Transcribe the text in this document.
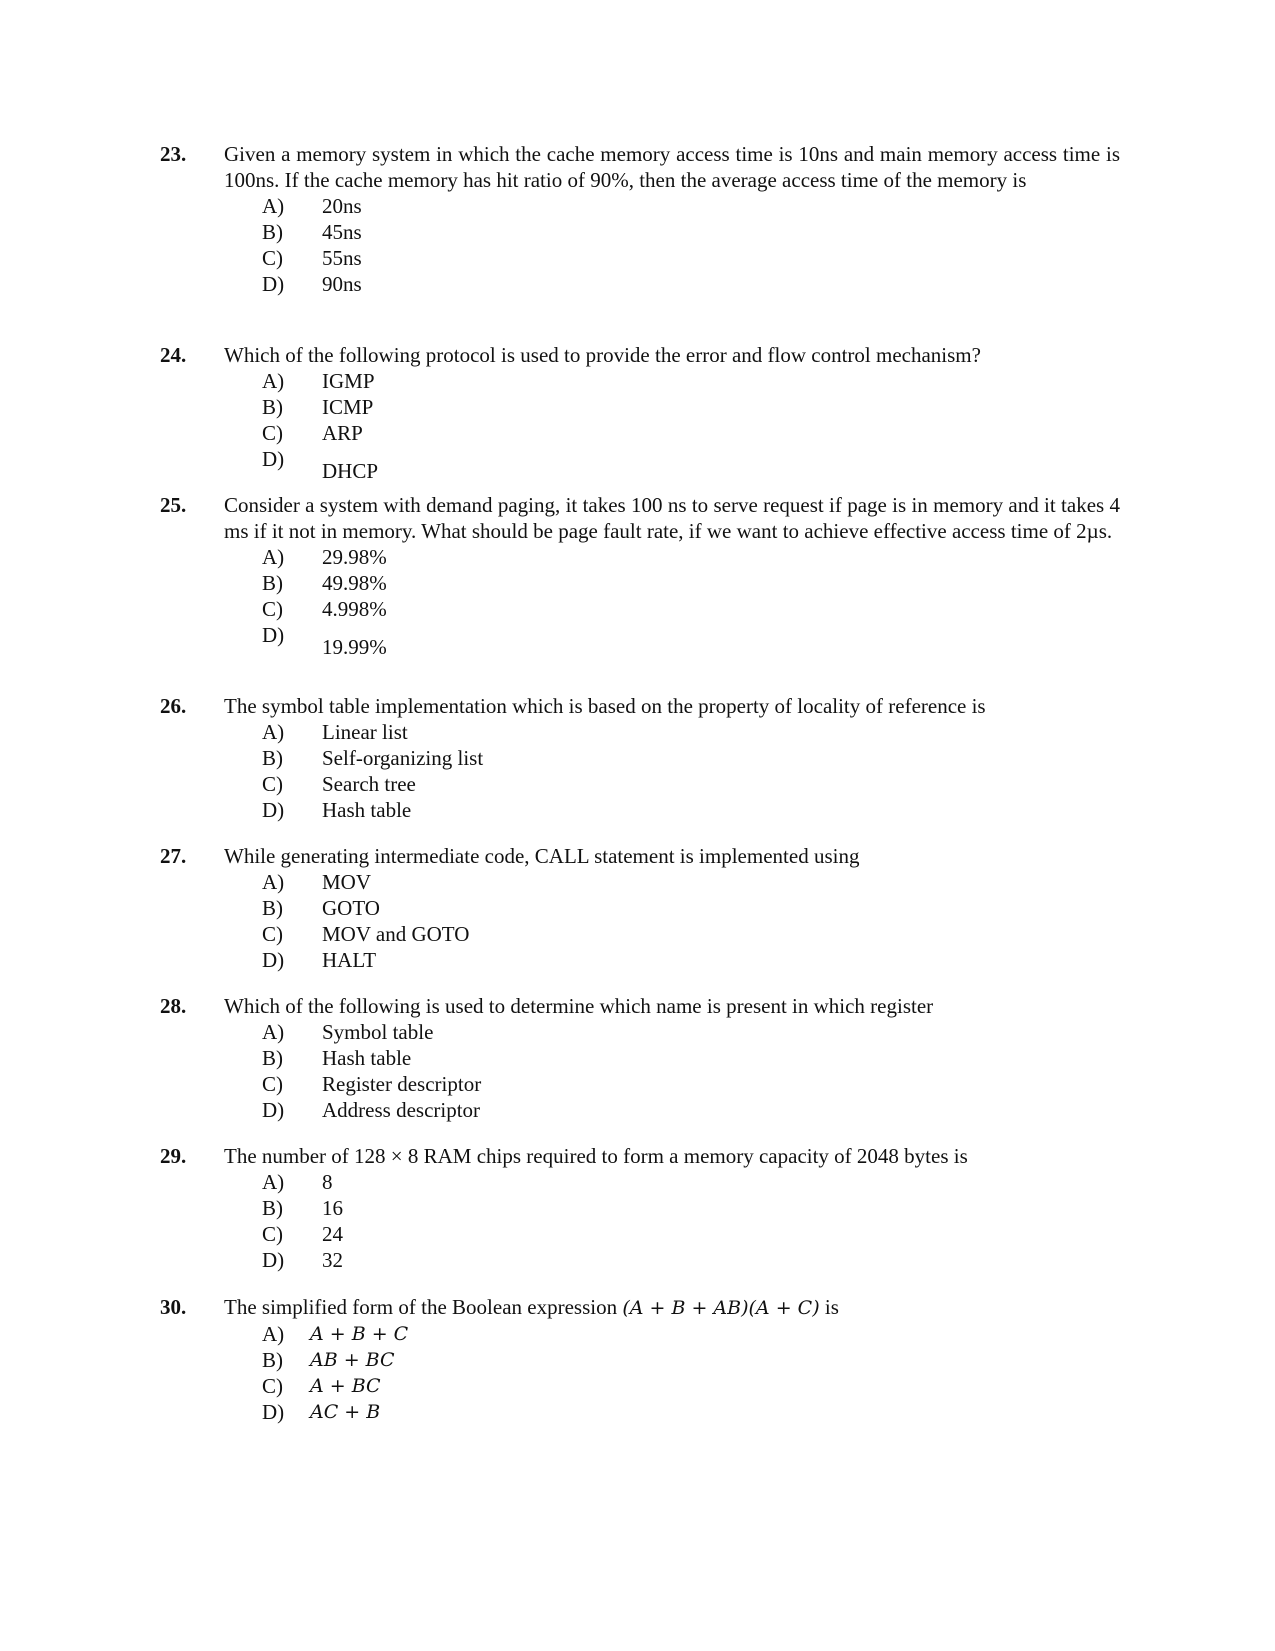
23. Given a memory system in which the cache memory access time is 10ns and main memory access time is 100ns. If the cache memory has hit ratio of 90%, then the average access time of the memory is
A) 20ns
B) 45ns
C) 55ns
D) 90ns
24. Which of the following protocol is used to provide the error and flow control mechanism?
A) IGMP
B) ICMP
C) ARP
D) DHCP
25. Consider a system with demand paging, it takes 100 ns to serve request if page is in memory and it takes 4 ms if it not in memory. What should be page fault rate, if we want to achieve effective access time of 2µs.
A) 29.98%
B) 49.98%
C) 4.998%
D) 19.99%
26. The symbol table implementation which is based on the property of locality of reference is
A) Linear list
B) Self-organizing list
C) Search tree
D) Hash table
27. While generating intermediate code, CALL statement is implemented using
A) MOV
B) GOTO
C) MOV and GOTO
D) HALT
28. Which of the following is used to determine which name is present in which register
A) Symbol table
B) Hash table
C) Register descriptor
D) Address descriptor
29. The number of 128 × 8 RAM chips required to form a memory capacity of 2048 bytes is
A) 8
B) 16
C) 24
D) 32
30. The simplified form of the Boolean expression (A + B + AB)(A + C) is
A) A + B + C
B) AB + BC
C) A + BC
D) AC + B
